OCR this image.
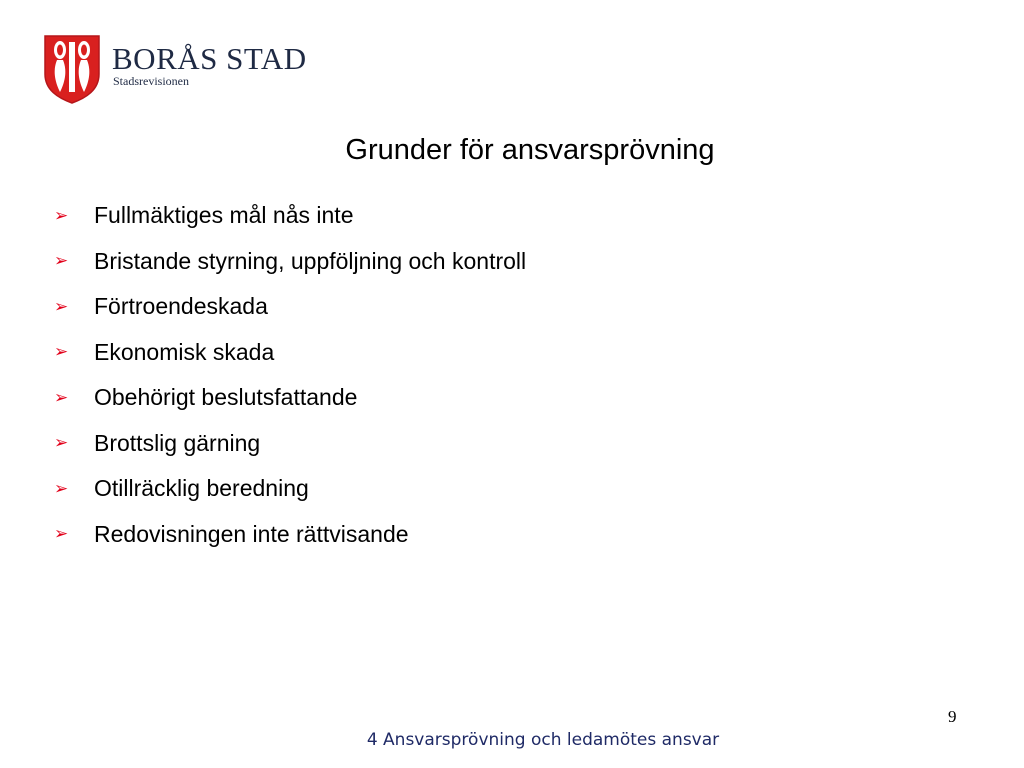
BORÅS STAD
Stadsrevisionen
Grunder för ansvarsprövning
➢	Fullmäktiges mål nås inte
➢	Bristande styrning, uppföljning och kontroll
➢	Förtroendeskada
➢	Ekonomisk skada
➢	Obehörigt beslutsfattande
➢	Brottslig gärning
➢	Otillräcklig beredning
➢	Redovisningen inte rättvisande
9
4 Ansvarsprövning och ledamötes ansvar
